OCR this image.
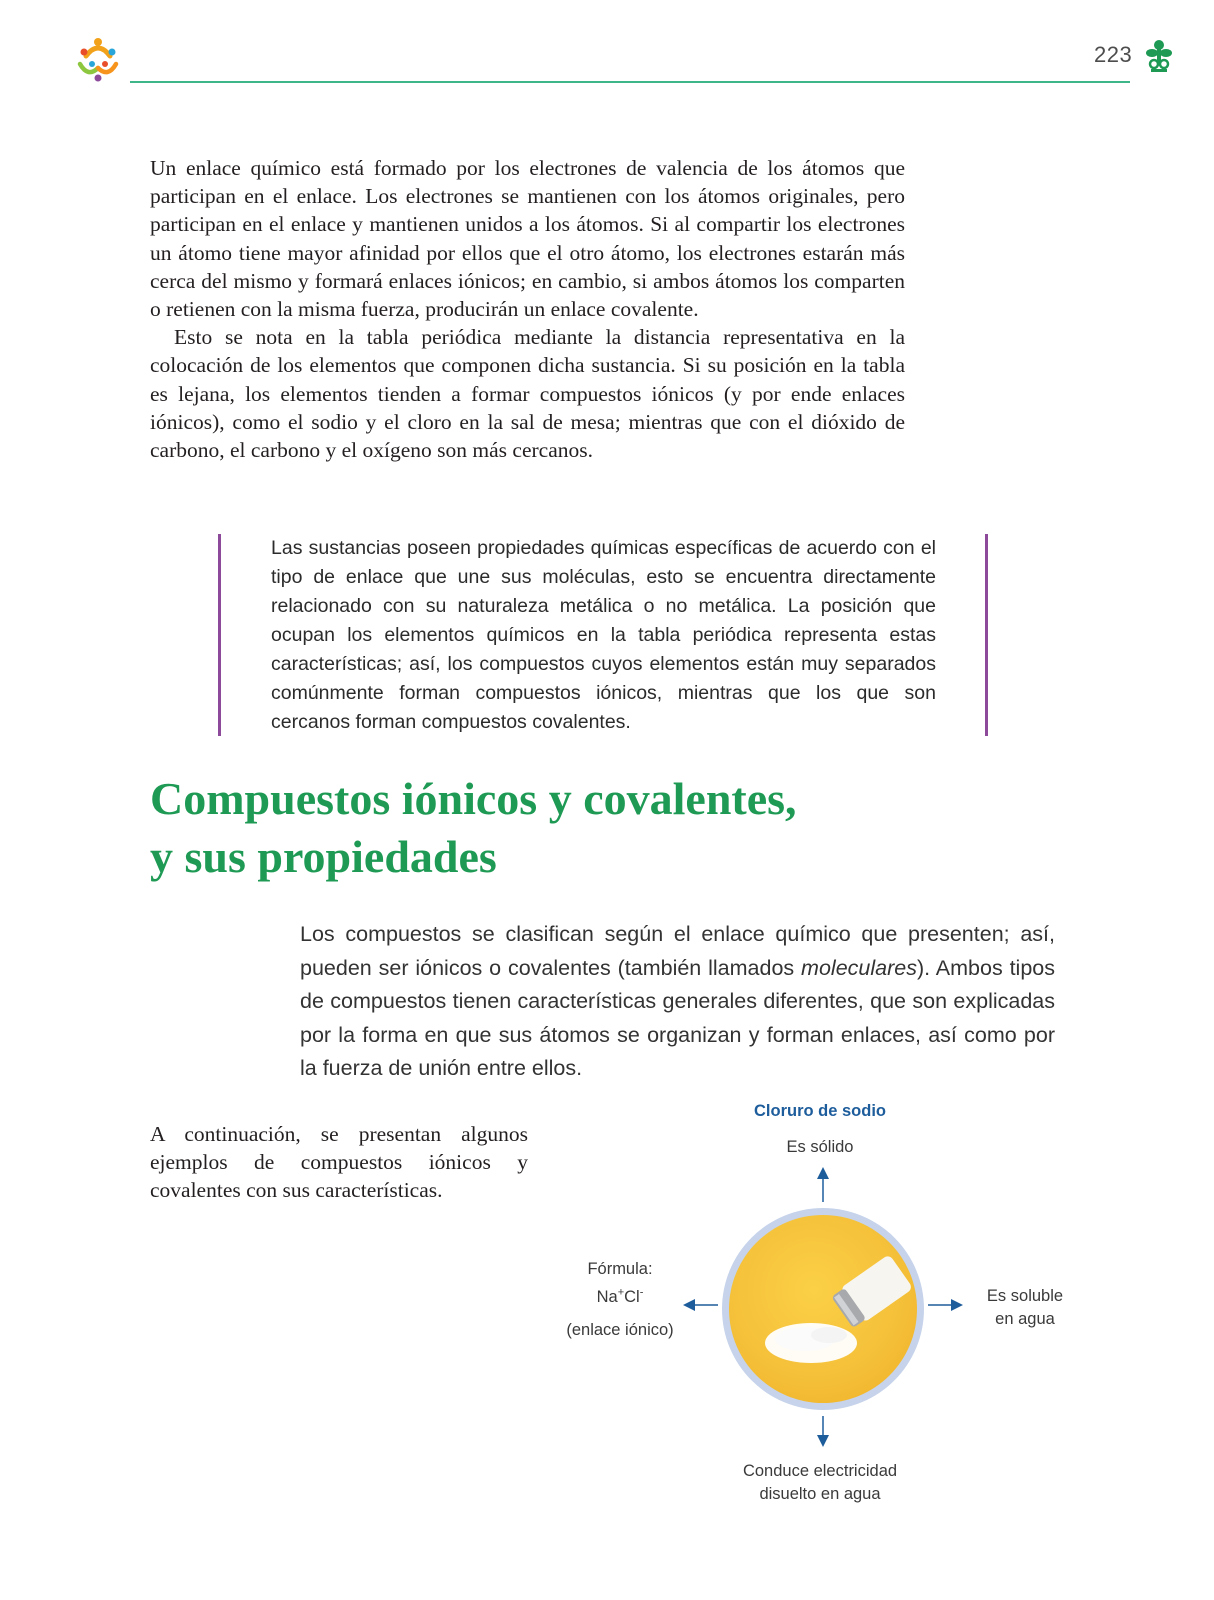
223

Un enlace químico está formado por los electrones de valencia de los átomos que participan en el enlace. Los electrones se mantienen con los átomos originales, pero participan en el enlace y mantienen unidos a los átomos. Si al compartir los electrones un átomo tiene mayor afinidad por ellos que el otro átomo, los electrones estarán más cerca del mismo y formará enlaces iónicos; en cambio, si ambos átomos los comparten o retienen con la misma fuerza, producirán un enlace covalente.

Esto se nota en la tabla periódica mediante la distancia representativa en la colocación de los elementos que componen dicha sustancia. Si su posición en la tabla es lejana, los elementos tienden a formar compuestos iónicos (y por ende enlaces iónicos), como el sodio y el cloro en la sal de mesa; mientras que con el dióxido de carbono, el carbono y el oxígeno son más cercanos.

Las sustancias poseen propiedades químicas específicas de acuerdo con el tipo de enlace que une sus moléculas, esto se encuentra directamente relacionado con su naturaleza metálica o no metálica. La posición que ocupan los elementos químicos en la tabla periódica representa estas características; así, los compuestos cuyos elementos están muy separados comúnmente forman compuestos iónicos, mientras que los que son cercanos forman compuestos covalentes.

Compuestos iónicos y covalentes,
y sus propiedades

Los compuestos se clasifican según el enlace químico que presenten; así, pueden ser iónicos o covalentes (también llamados moleculares). Ambos tipos de compuestos tienen características generales diferentes, que son explicadas por la forma en que sus átomos se organizan y forman enlaces, así como por la fuerza de unión entre ellos.

A continuación, se presentan algunos ejemplos de compuestos iónicos y covalentes con sus características.

Cloruro de sodio
Es sólido
Es soluble
en agua
Conduce electricidad
disuelto en agua
Fórmula:
Na+Cl-
(enlace iónico)
